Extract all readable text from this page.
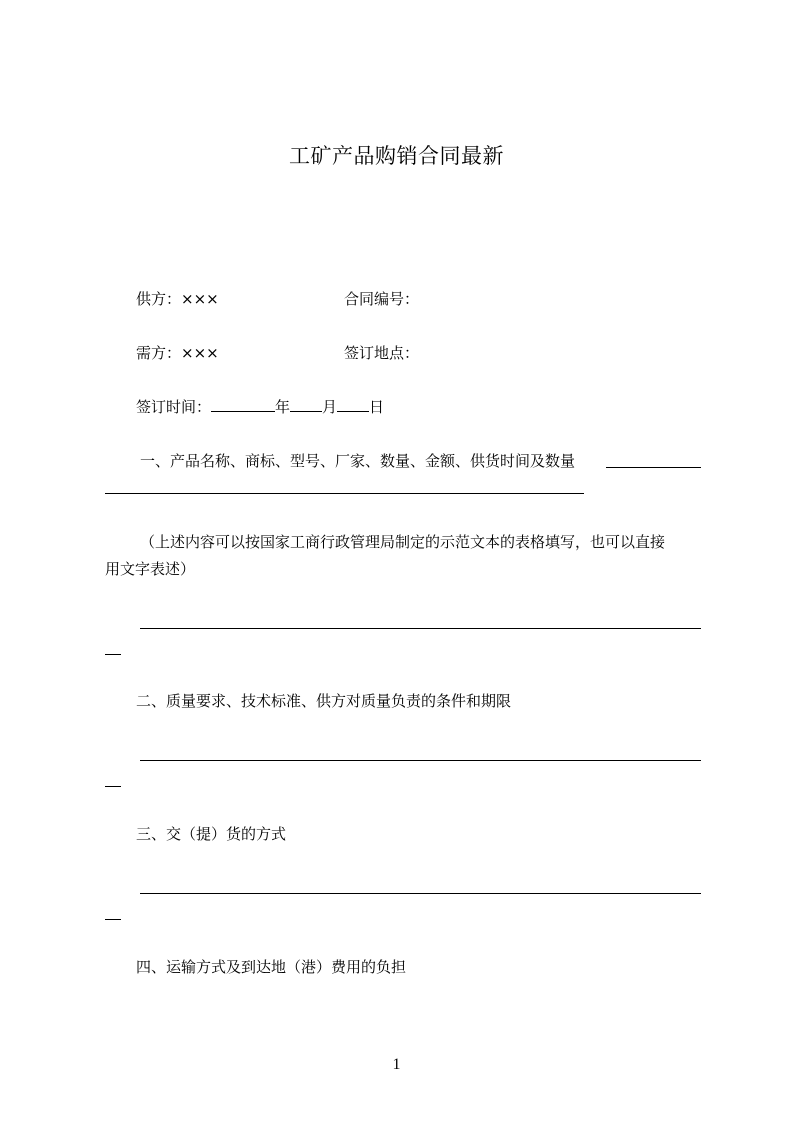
工矿产品购销合同最新
供方：×××	合同编号：
需方：×××	签订地点：
签订时间：	年 月 日
一、产品名称、商标、型号、厂家、数量、金额、供货时间及数量
（上述内容可以按国家工商行政管理局制定的示范文本的表格填写，也可以直接
用文字表述）
二、质量要求、技术标准、供方对质量负责的条件和期限
三、交（提）货的方式
四、运输方式及到达地（港）费用的负担
1
